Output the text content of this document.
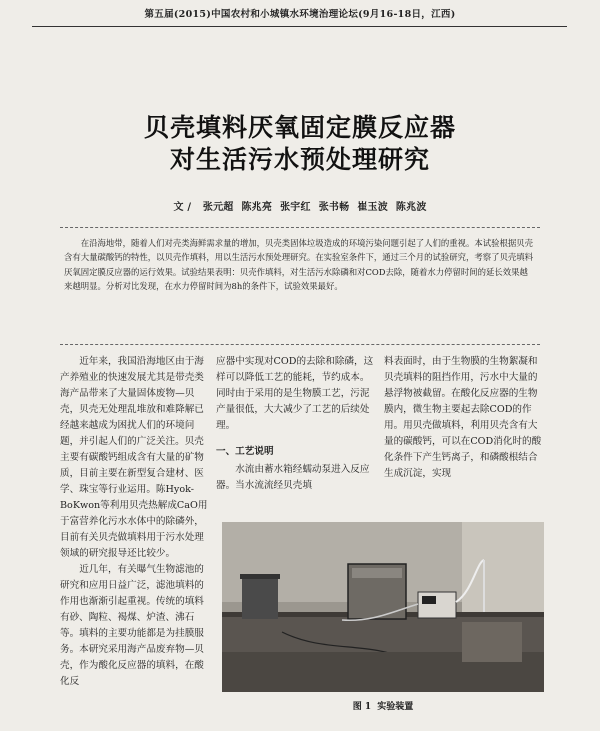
第五届(2015)中国农村和小城镇水环境治理论坛(9月16-18日，江西)
贝壳填料厌氧固定膜反应器
对生活污水预处理研究
文 / 张元超 陈兆亮 张宇红 张书畅 崔玉波 陈兆波

在沿海地带，随着人们对壳类海鲜需求量的增加，贝壳类固体垃圾造成的环境污染问题引起了人们的重视。本试验根据贝壳含有大量碳酸钙的特性，以贝壳作填料，用以生活污水预处理研究。在实验室条件下，通过三个月的试验研究，考察了贝壳填料厌氧固定膜反应器的运行效果。试验结果表明：贝壳作填料，对生活污水除磷和对COD去除，随着水力停留时间的延长效果越来越明显。分析对比发现，在水力停留时间为8h的条件下，试验效果最好。

近年来，我国沿海地区由于海产养殖业的快速发展尤其是带壳类海产品带来了大量固体废物—贝壳，贝壳无处理乱堆放和难降解已经越来越成为困扰人们的环境问题，并引起人们的广泛关注。贝壳主要有碳酸钙组成含有大量的矿物质，目前主要在新型复合建材、医学、珠宝等行业运用。陈Hyok-BoKwon等利用贝壳热解成CaO用于富营养化污水水体中的除磷外，目前有关贝壳做填料用于污水处理领域的研究报导还比较少。

近几年，有关曝气生物滤池的研究和应用日益广泛，滤池填料的作用也渐渐引起重视。传统的填料有砂、陶粒、褐煤、炉渣、沸石等。填料的主要功能都是为挂膜服务。本研究采用海产品废弃物—贝壳，作为酸化反应器的填料，在酸化反

应器中实现对COD的去除和除磷，这样可以降低工艺的能耗，节约成本。同时由于采用的是生物膜工艺，污泥产量很低，大大减少了工艺的后续处理。

一、工艺说明

水流由蓄水箱经蠕动泵进入反应器。当水流流经贝壳填

料表面时，由于生物膜的生物絮凝和贝壳填料的阻挡作用，污水中大量的悬浮物被截留。在酸化反应器的生物膜内，微生物主要起去除COD的作用。用贝壳做填料，利用贝壳含有大量的碳酸钙，可以在COD消化时的酸化条件下产生钙离子，和磷酸根结合生成沉淀，实现

图 1 实验装置
